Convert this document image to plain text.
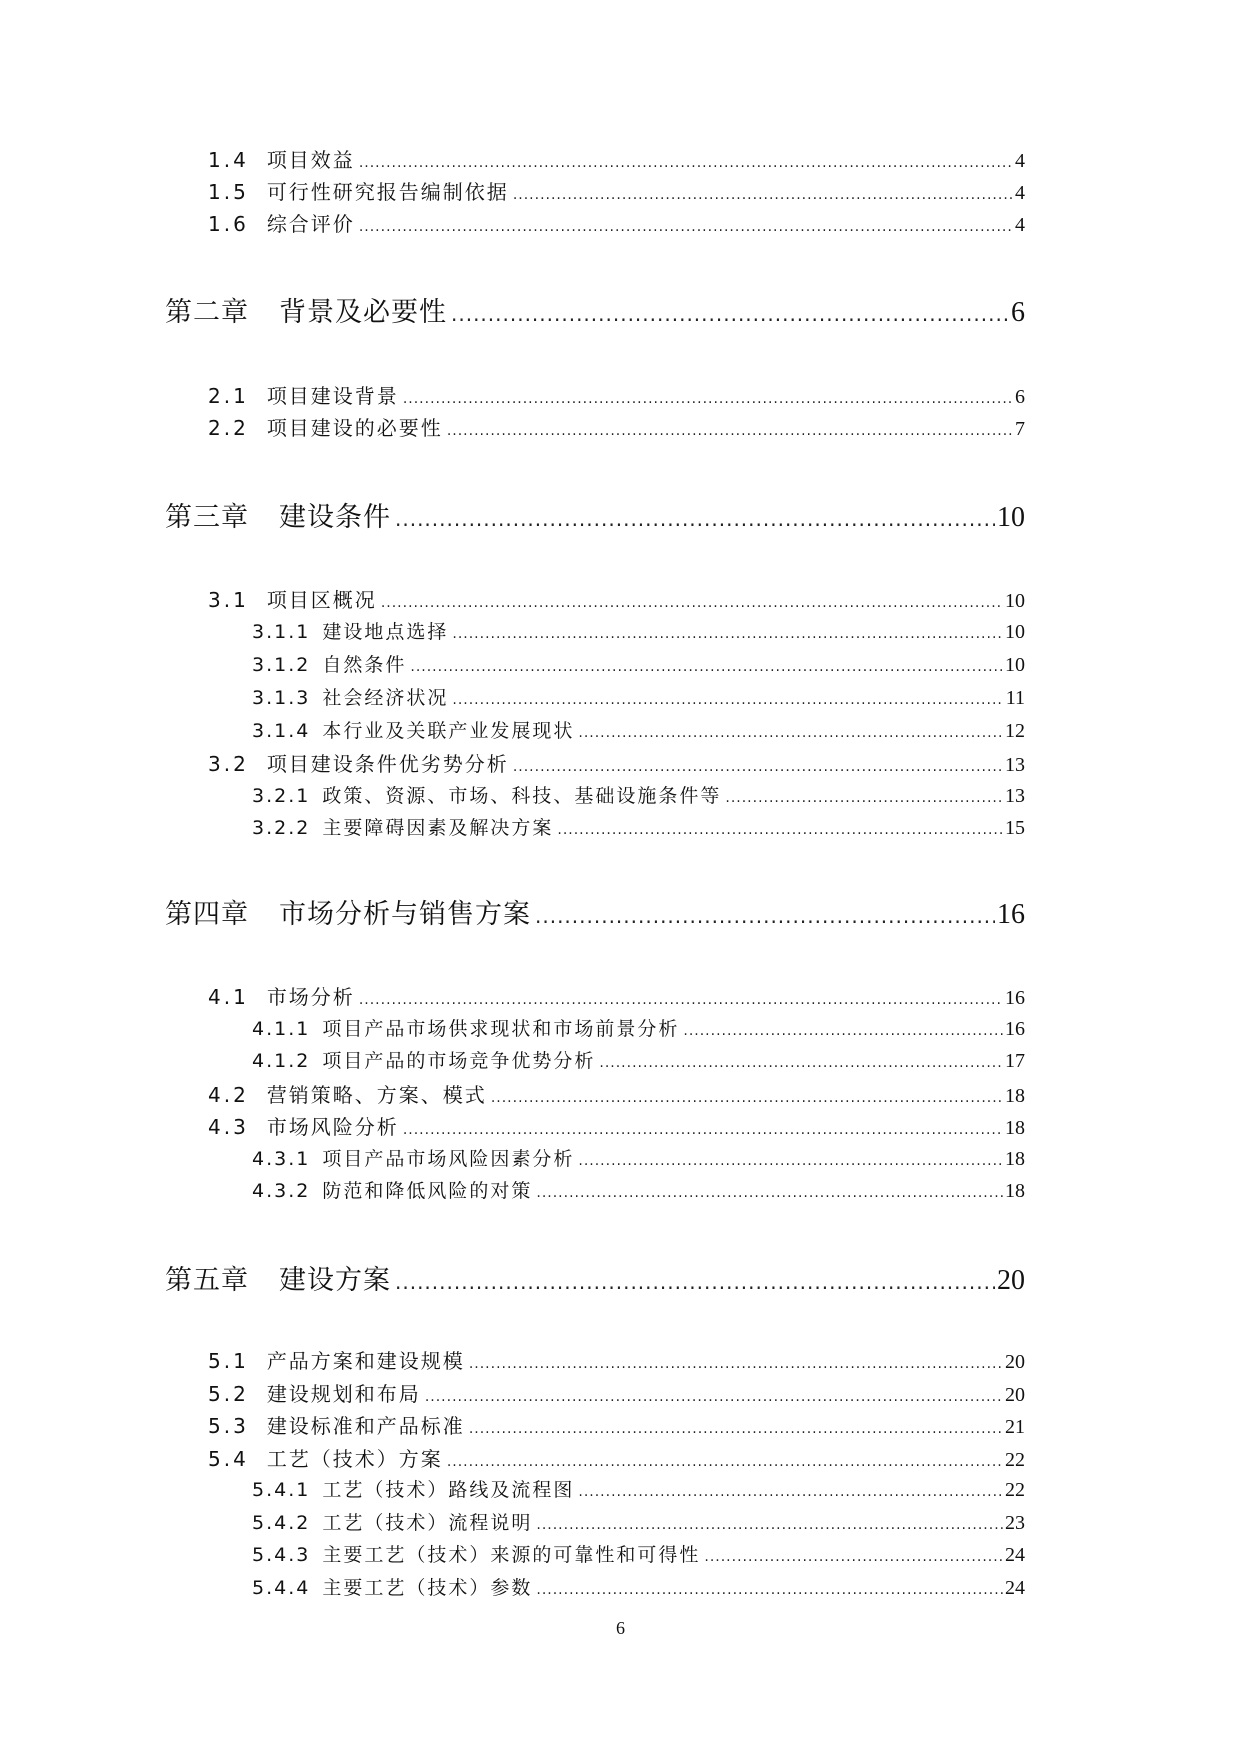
1.4 项目效益 .....	4
1.5 可行性研究报告编制依据 .....	4
1.6 综合评价 .....	4
第二章 背景及必要性 .....	6
2.1 项目建设背景 .....	6
2.2 项目建设的必要性 .....	7
第三章 建设条件 .....	10
3.1 项目区概况 .....	10
3.1.1 建设地点选择 .....	10
3.1.2 自然条件 .....	10
3.1.3 社会经济状况 .....	11
3.1.4 本行业及关联产业发展现状 .....	12
3.2 项目建设条件优劣势分析 .....	13
3.2.1 政策、资源、市场、科技、基础设施条件等 .....	13
3.2.2 主要障碍因素及解决方案 .....	15
第四章 市场分析与销售方案 .....	16
4.1 市场分析 .....	16
4.1.1 项目产品市场供求现状和市场前景分析 .....	16
4.1.2 项目产品的市场竞争优势分析 .....	17
4.2 营销策略、方案、模式 .....	18
4.3 市场风险分析 .....	18
4.3.1 项目产品市场风险因素分析 .....	18
4.3.2 防范和降低风险的对策 .....	18
第五章 建设方案 .....	20
5.1 产品方案和建设规模 .....	20
5.2 建设规划和布局 .....	20
5.3 建设标准和产品标准 .....	21
5.4 工艺（技术）方案 .....	22
5.4.1 工艺（技术）路线及流程图 .....	22
5.4.2 工艺（技术）流程说明 .....	23
5.4.3 主要工艺（技术）来源的可靠性和可得性 .....	24
5.4.4 主要工艺（技术）参数 .....	24
6
